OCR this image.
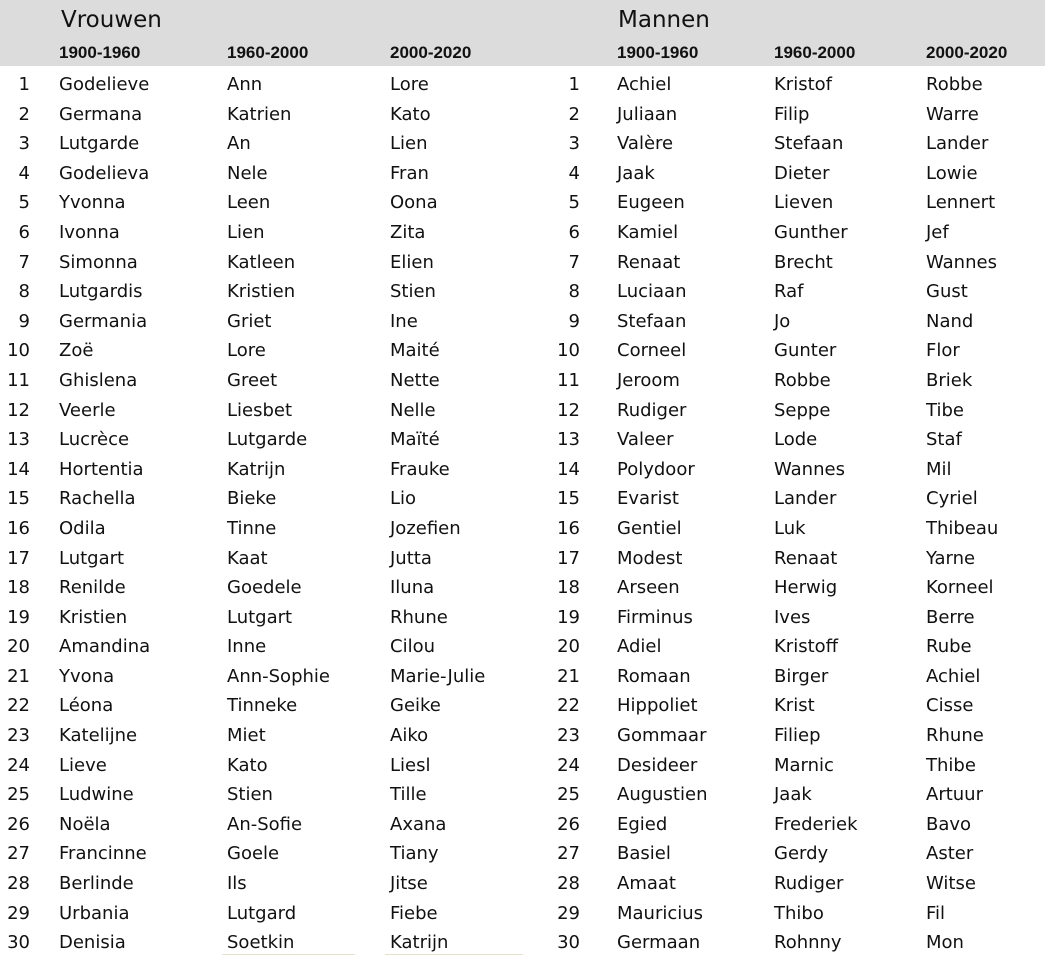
Vrouwen	Mannen
1900-1960	1960-2000	2000-2020	1900-1960	1960-2000	2000-2020
1 Godelieve	Ann	Lore	1 Achiel	Kristof	Robbe
2 Germana	Katrien	Kato	2 Juliaan	Filip	Warre
3 Lutgarde	An	Lien	3 Valère	Stefaan	Lander
4 Godelieva	Nele	Fran	4 Jaak	Dieter	Lowie
5 Yvonna	Leen	Oona	5 Eugeen	Lieven	Lennert
6 Ivonna	Lien	Zita	6 Kamiel	Gunther	Jef
7 Simonna	Katleen	Elien	7 Renaat	Brecht	Wannes
8 Lutgardis	Kristien	Stien	8 Luciaan	Raf	Gust
9 Germania	Griet	Ine	9 Stefaan	Jo	Nand
10 Zoë	Lore	Maité	10 Corneel	Gunter	Flor
11 Ghislena	Greet	Nette	11 Jeroom	Robbe	Briek
12 Veerle	Liesbet	Nelle	12 Rudiger	Seppe	Tibe
13 Lucrèce	Lutgarde	Maïté	13 Valeer	Lode	Staf
14 Hortentia	Katrijn	Frauke	14 Polydoor	Wannes	Mil
15 Rachella	Bieke	Lio	15 Evarist	Lander	Cyriel
16 Odila	Tinne	Jozefien	16 Gentiel	Luk	Thibeau
17 Lutgart	Kaat	Jutta	17 Modest	Renaat	Yarne
18 Renilde	Goedele	Iluna	18 Arseen	Herwig	Korneel
19 Kristien	Lutgart	Rhune	19 Firminus	Ives	Berre
20 Amandina	Inne	Cilou	20 Adiel	Kristoff	Rube
21 Yvona	Ann-Sophie	Marie-Julie	21 Romaan	Birger	Achiel
22 Léona	Tinneke	Geike	22 Hippoliet	Krist	Cisse
23 Katelijne	Miet	Aiko	23 Gommaar	Filiep	Rhune
24 Lieve	Kato	Liesl	24 Desideer	Marnic	Thibe
25 Ludwine	Stien	Tille	25 Augustien	Jaak	Artuur
26 Noëla	An-Sofie	Axana	26 Egied	Frederiek	Bavo
27 Francinne	Goele	Tiany	27 Basiel	Gerdy	Aster
28 Berlinde	Ils	Jitse	28 Amaat	Rudiger	Witse
29 Urbania	Lutgard	Fiebe	29 Mauricius	Thibo	Fil
30 Denisia	Soetkin	Katrijn	30 Germaan	Rohnny	Mon
